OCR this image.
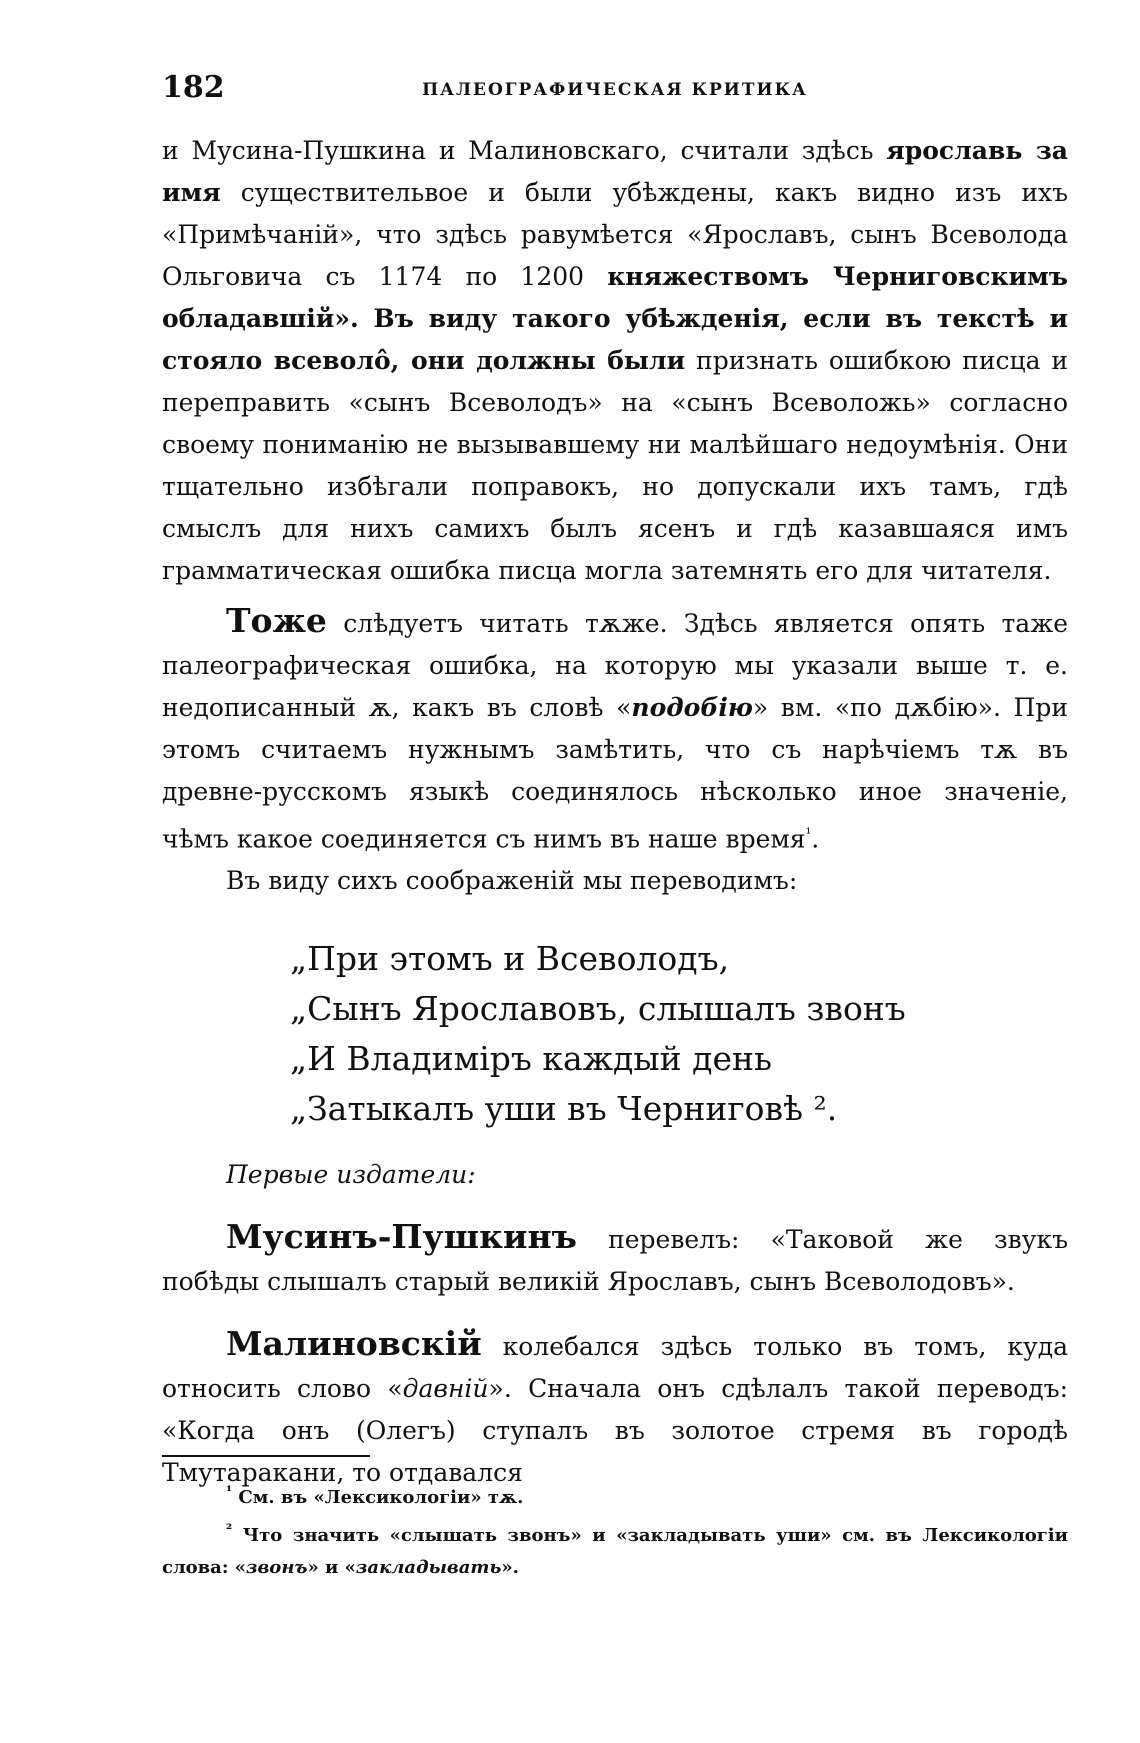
182	ПАЛЕОГРАФИЧЕСКАЯ КРИТИКА

и Мусина-Пушкина и Малиновскаго, считали здѣсь ярославь за имя существительвое и были убѣждены, какъ видно изъ ихъ «Примѣчаній», что здѣсь равумѣется «Ярославъ, сынъ Всеволода Ольговича съ 1174 по 1200 княжествомъ Черниговскимъ обладавшій». Въ виду такого убѣжденія, если въ текстѣ и стояло всеволо̂, они должны были признать ошибкою писца и переправить «сынъ Всеволодъ» на «сынъ Всеволожь» согласно своему пониманію не вызывавшему ни малѣйшаго недоумѣнія. Они тщательно избѣгали поправокъ, но допускали ихъ тамъ, гдѣ смыслъ для нихъ самихъ былъ ясенъ и гдѣ казавшаяся имъ грамматическая ошибка писца могла затемнять его для читателя.

Тоже слѣдуетъ читать тѫже. Здѣсь является опять таже палеографическая ошибка, на которую мы указали выше т. е. недописанный ѫ, какъ въ словѣ «подобію» вм. «по дѫбію». При этомъ считаемъ нужнымъ замѣтить, что съ нарѣчіемъ тѫ въ древне-русскомъ языкѣ соединялось нѣсколько иное значеніе, чѣмъ какое соединяется съ нимъ въ наше время$^{^1}$.

Въ виду сихъ соображеній мы переводимъ:

„При этомъ и Всеволодъ,
„Сынъ Ярославовъ, слышалъ звонъ
„И Владиміръ каждый день
„Затыкалъ уши въ Черниговѣ ².
Первые издатели:

Мусинъ-Пушкинъ перевелъ: «Таковой же звукъ побѣды слышалъ старый великій Ярославъ, сынъ Всеволодовъ».

Малиновскій колебался здѣсь только въ томъ, куда относить слово «давній». Сначала онъ сдѣлалъ такой переводъ: «Когда онъ (Олегъ) ступалъ въ золотое стремя въ городѣ Тмутаракани, то отдавался

$^{^1}$ См. въ «Лексикологіи» тѫ.

$^{^2}$ Что значить «слышать звонъ» и «закладывать уши» см. въ Лексикологіи слова: «звонъ» и «закладывать».
